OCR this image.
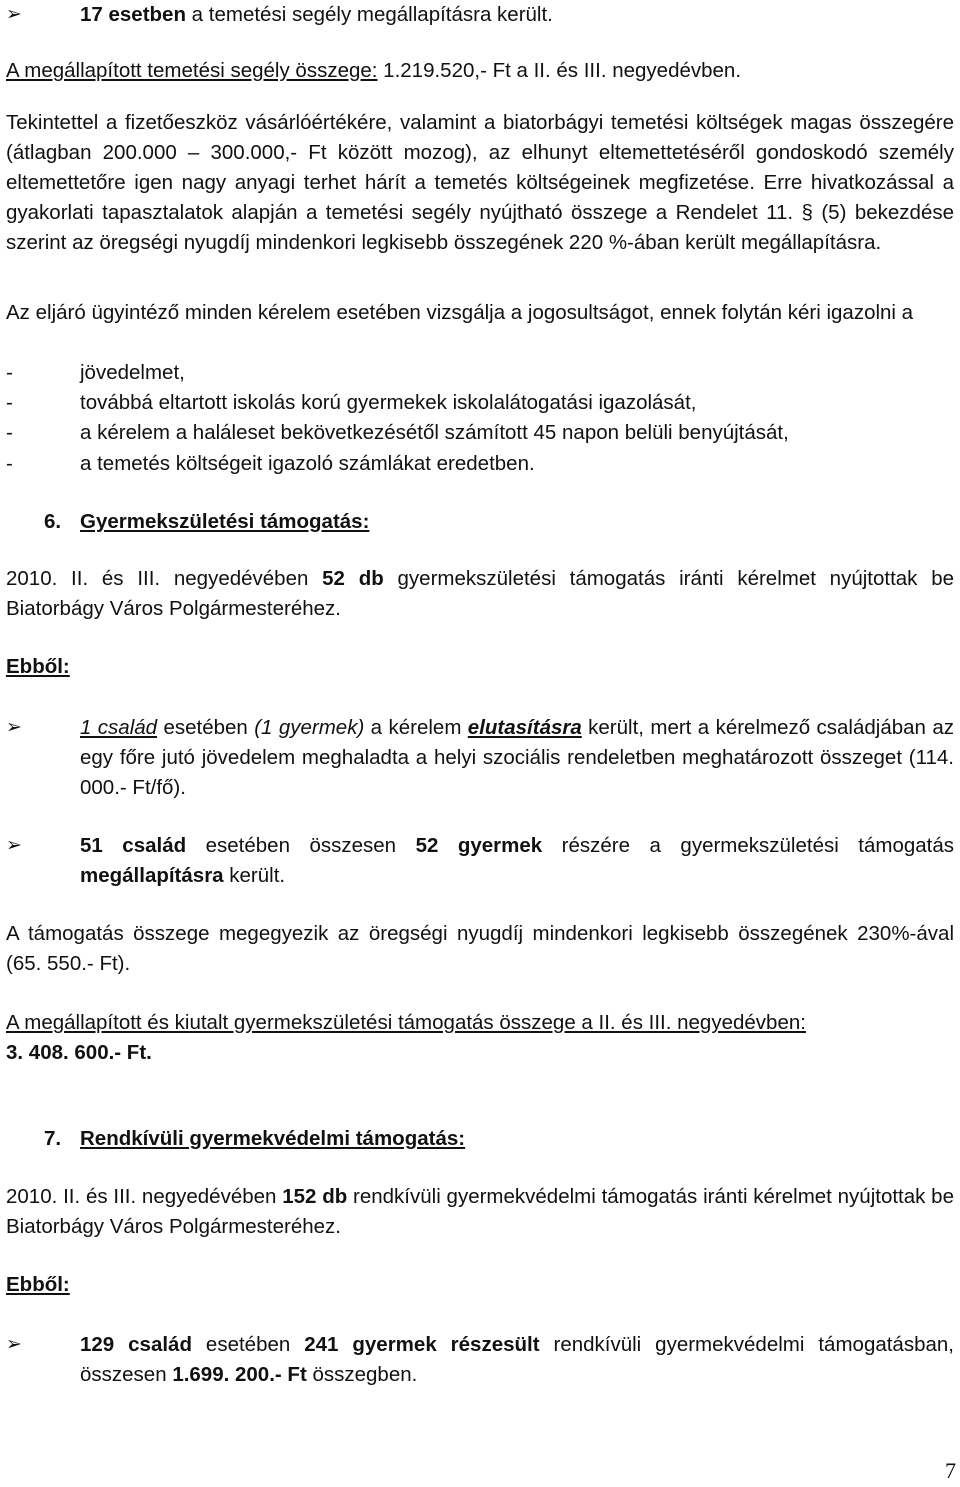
➢	17 esetben a temetési segély megállapításra került.
A megállapított temetési segély összege: 1.219.520,- Ft a II. és III. negyedévben.
Tekintettel a fizetőeszköz vásárlóértékére, valamint a biatorbágyi temetési költségek magas összegére (átlagban 200.000 – 300.000,- Ft között mozog), az elhunyt eltemettetéséről gondoskodó személy eltemettetőre igen nagy anyagi terhet hárít a temetés költségeinek megfizetése. Erre hivatkozással a gyakorlati tapasztalatok alapján a temetési segély nyújtható összege a Rendelet 11. § (5) bekezdése szerint az öregségi nyugdíj mindenkori legkisebb összegének 220 %-ában került megállapításra.
Az eljáró ügyintéző minden kérelem esetében vizsgálja a jogosultságot, ennek folytán kéri igazolni a
-	jövedelmet,
-	továbbá eltartott iskolás korú gyermekek iskolalátogatási igazolását,
-	a kérelem a haláleset bekövetkezésétől számított 45 napon belüli benyújtását,
-	a temetés költségeit igazoló számlákat eredetben.
6. Gyermekszületési támogatás:
2010. II. és III. negyedévében 52 db gyermekszületési támogatás iránti kérelmet nyújtottak be Biatorbágy Város Polgármesteréhez.
Ebből:
➢	1 család esetében (1 gyermek) a kérelem elutasításra került, mert a kérelmező családjában az egy főre jutó jövedelem meghaladta a helyi szociális rendeletben meghatározott összeget (114. 000.- Ft/fő).
➢	51 család esetében összesen 52 gyermek részére a gyermekszületési támogatás megállapításra került.
A támogatás összege megegyezik az öregségi nyugdíj mindenkori legkisebb összegének 230%-ával (65. 550.- Ft).
A megállapított és kiutalt gyermekszületési támogatás összege a II. és III. negyedévben:
3. 408. 600.- Ft.
7. Rendkívüli gyermekvédelmi támogatás:
2010. II. és III. negyedévében 152 db rendkívüli gyermekvédelmi támogatás iránti kérelmet nyújtottak be Biatorbágy Város Polgármesteréhez.
Ebből:
➢	129 család esetében 241 gyermek részesült rendkívüli gyermekvédelmi támogatásban, összesen 1.699. 200.- Ft összegben.
7
